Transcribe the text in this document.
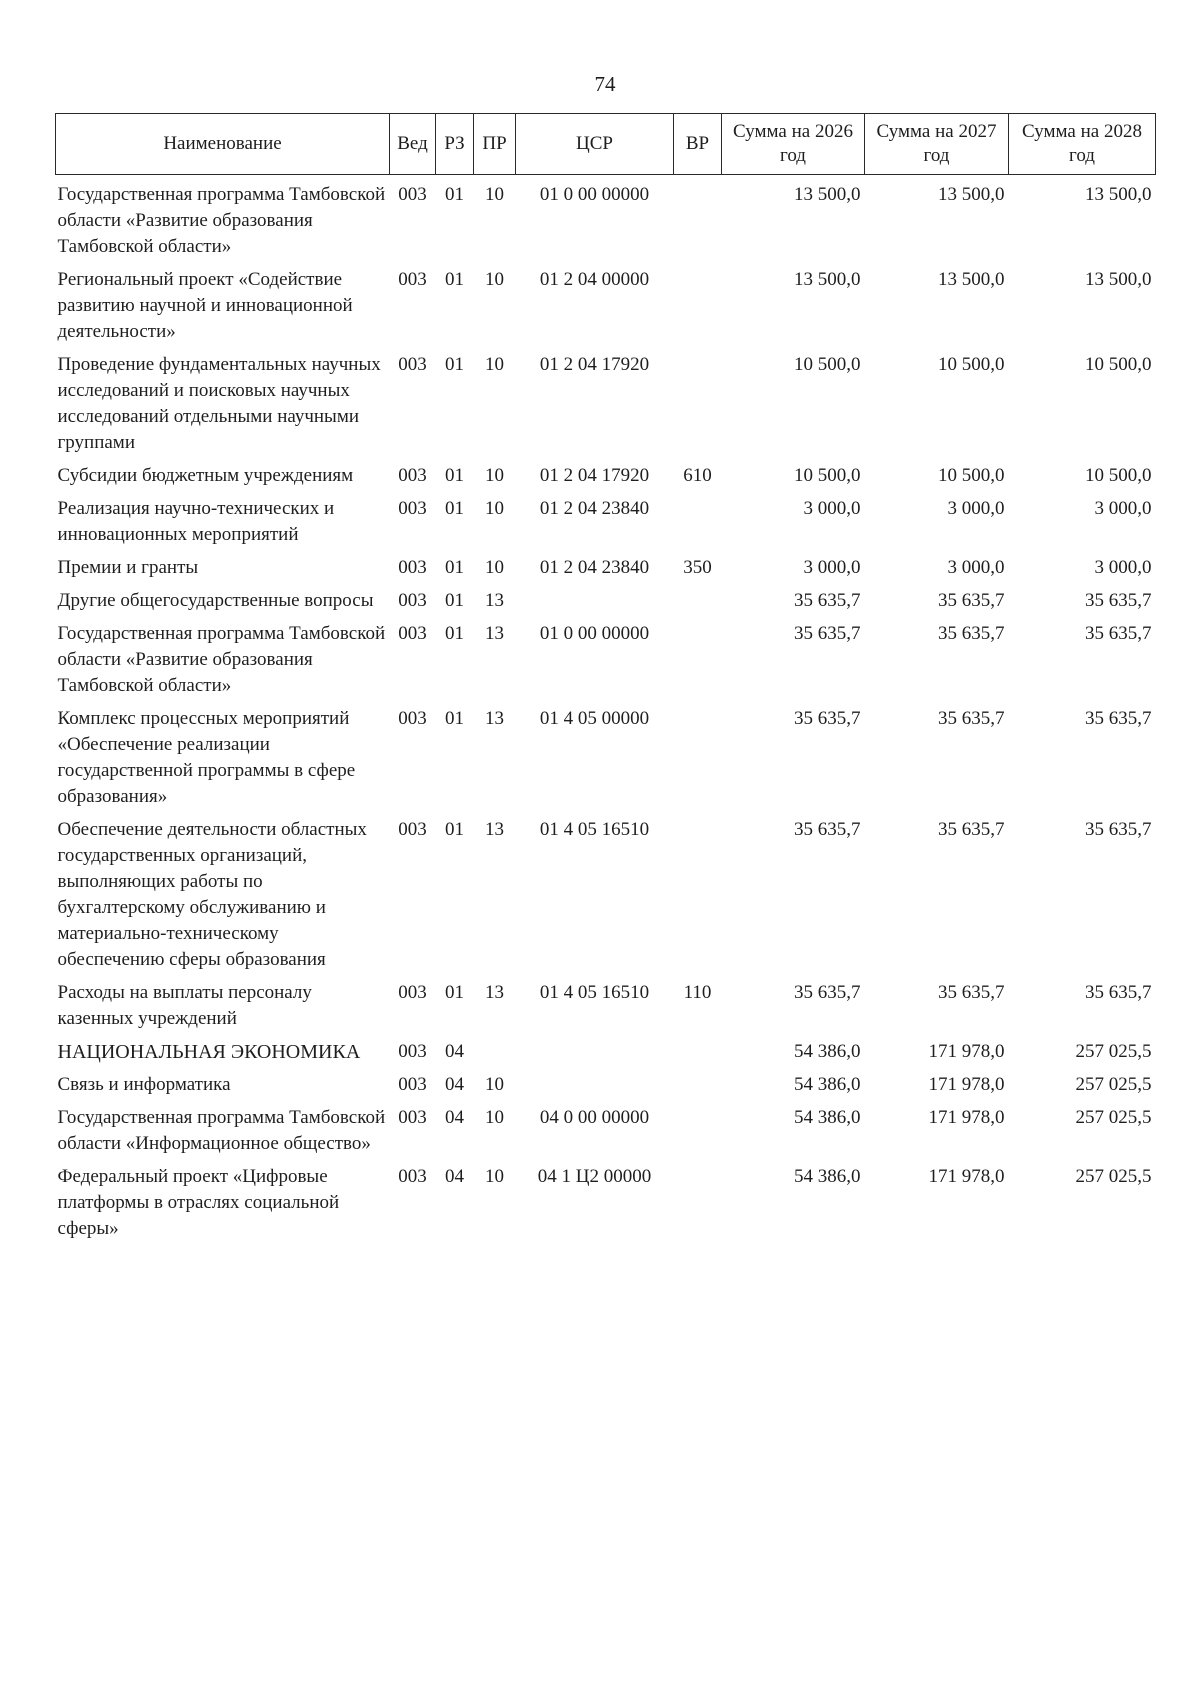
74
Наименование	Вед	РЗ	ПР	ЦСР	ВР	Сумма на 2026 год	Сумма на 2027 год	Сумма на 2028 год
Государственная программа Тамбовской области «Развитие образования Тамбовской области»	003	01	10	01 0 00 00000		13 500,0	13 500,0	13 500,0
Региональный проект «Содействие развитию научной и инновационной деятельности»	003	01	10	01 2 04 00000		13 500,0	13 500,0	13 500,0
Проведение фундаментальных научных исследований и поисковых научных исследований отдельными научными группами	003	01	10	01 2 04 17920		10 500,0	10 500,0	10 500,0
Субсидии бюджетным учреждениям	003	01	10	01 2 04 17920	610	10 500,0	10 500,0	10 500,0
Реализация научно-технических и инновационных мероприятий	003	01	10	01 2 04 23840		3 000,0	3 000,0	3 000,0
Премии и гранты	003	01	10	01 2 04 23840	350	3 000,0	3 000,0	3 000,0
Другие общегосударственные вопросы	003	01	13			35 635,7	35 635,7	35 635,7
Государственная программа Тамбовской области «Развитие образования Тамбовской области»	003	01	13	01 0 00 00000		35 635,7	35 635,7	35 635,7
Комплекс процессных мероприятий «Обеспечение реализации государственной программы в сфере образования»	003	01	13	01 4 05 00000		35 635,7	35 635,7	35 635,7
Обеспечение деятельности областных государственных организаций, выполняющих работы по бухгалтерскому обслуживанию и материально-техническому обеспечению сферы образования	003	01	13	01 4 05 16510		35 635,7	35 635,7	35 635,7
Расходы на выплаты персоналу казенных учреждений	003	01	13	01 4 05 16510	110	35 635,7	35 635,7	35 635,7
НАЦИОНАЛЬНАЯ ЭКОНОМИКА	003	04				54 386,0	171 978,0	257 025,5
Связь и информатика	003	04	10			54 386,0	171 978,0	257 025,5
Государственная программа Тамбовской области «Информационное общество»	003	04	10	04 0 00 00000		54 386,0	171 978,0	257 025,5
Федеральный проект «Цифровые платформы в отраслях социальной сферы»	003	04	10	04 1 Ц2 00000		54 386,0	171 978,0	257 025,5
